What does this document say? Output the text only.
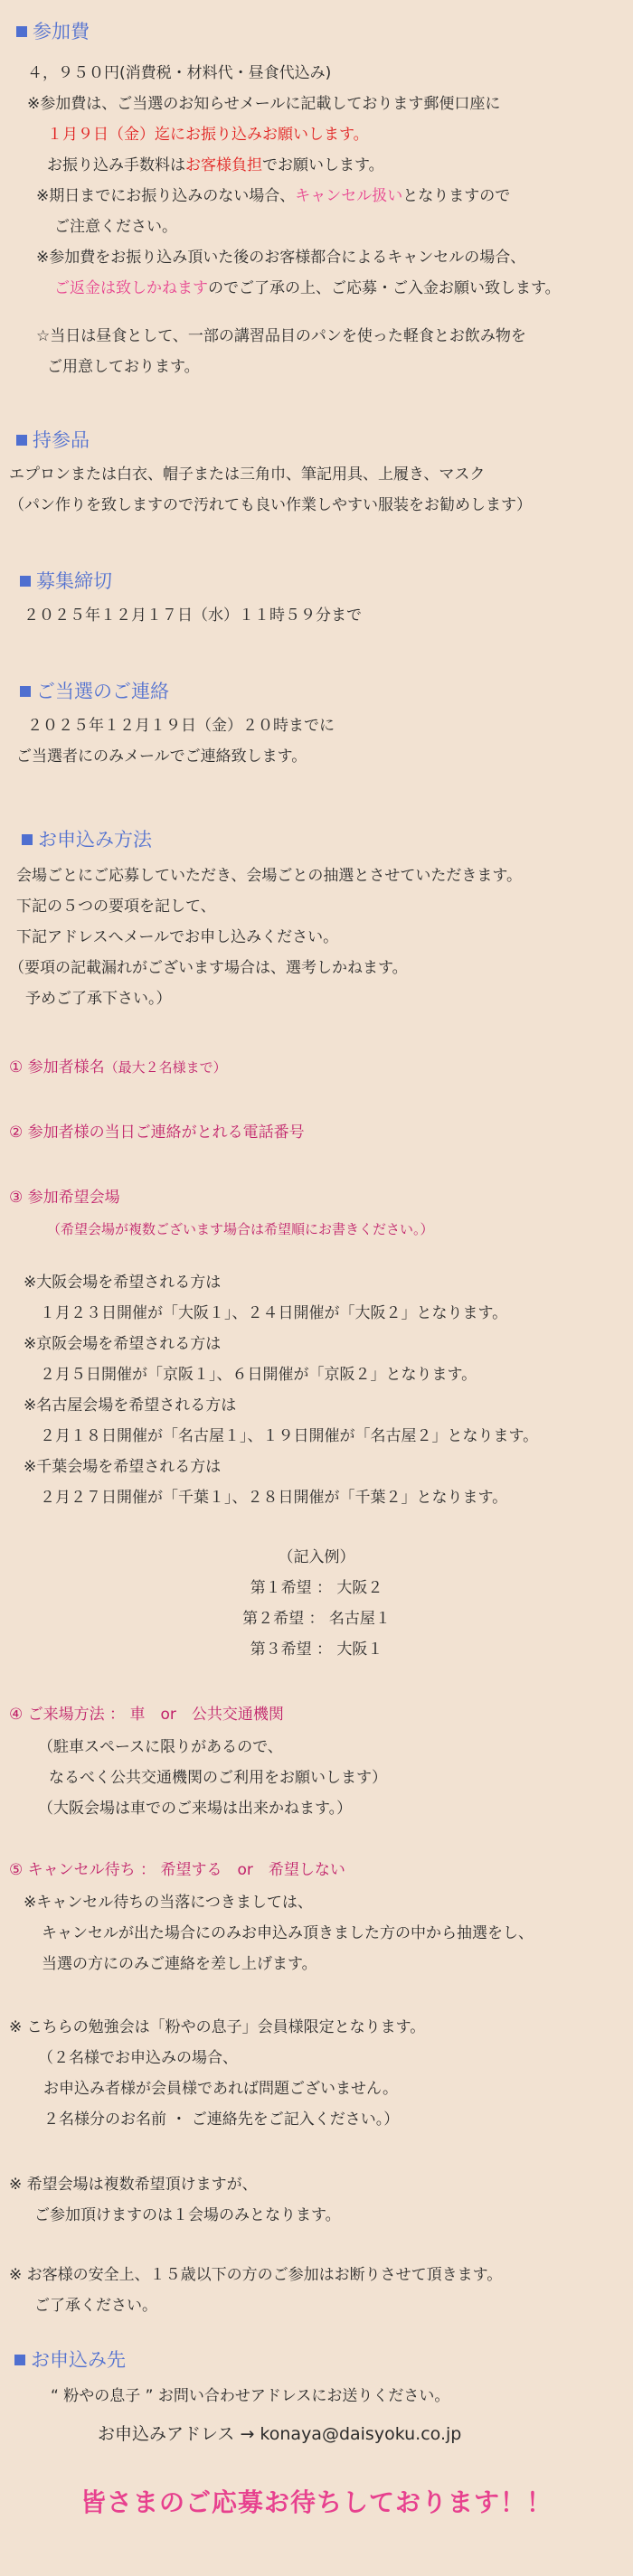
参加費
４，９５０円(消費税・材料代・昼食代込み)
※参加費は、ご当選のお知らせメールに記載しております郵便口座に
１月９日（金）迄にお振り込みお願いします。
お振り込み手数料はお客様負担でお願いします。
※期日までにお振り込みのない場合、キャンセル扱いとなりますので
ご注意ください。
※参加費をお振り込み頂いた後のお客様都合によるキャンセルの場合、
ご返金は致しかねますのでご了承の上、ご応募・ご入金お願い致します。
☆当日は昼食として、一部の講習品目のパンを使った軽食とお飲み物を
ご用意しております。
持参品
エプロンまたは白衣、帽子または三角巾、筆記用具、上履き、マスク
（パン作りを致しますので汚れても良い作業しやすい服装をお勧めします）
募集締切
２０２５年１２月１７日（水）１１時５９分まで
ご当選のご連絡
２０２５年１２月１９日（金）２０時までに
ご当選者にのみメールでご連絡致します。
お申込み方法
会場ごとにご応募していただき、会場ごとの抽選とさせていただきます。
下記の５つの要項を記して、
下記アドレスへメールでお申し込みください。
（要項の記載漏れがございます場合は、選考しかねます。
予めご了承下さい。）
① 参加者様名（最大２名様まで）
② 参加者様の当日ご連絡がとれる電話番号
③ 参加希望会場
（希望会場が複数ございます場合は希望順にお書きください。）
※大阪会場を希望される方は
１月２３日開催が「大阪１」、２４日開催が「大阪２」となります。
※京阪会場を希望される方は
２月５日開催が「京阪１」、６日開催が「京阪２」となります。
※名古屋会場を希望される方は
２月１８日開催が「名古屋１」、１９日開催が「名古屋２」となります。
※千葉会場を希望される方は
２月２７日開催が「千葉１」、２８日開催が「千葉２」となります。
（記入例）
第１希望 ： 大阪２
第２希望 ： 名古屋１
第３希望 ： 大阪１
④ ご来場方法 ： 車　or　公共交通機関
（駐車スペースに限りがあるので、
なるべく公共交通機関のご利用をお願いします）
（大阪会場は車でのご来場は出来かねます。）
⑤ キャンセル待ち ： 希望する　or　希望しない
※キャンセル待ちの当落につきましては、
キャンセルが出た場合にのみお申込み頂きました方の中から抽選をし、
当選の方にのみご連絡を差し上げます。
※ こちらの勉強会は「粉やの息子」会員様限定となります。
（２名様でお申込みの場合、
お申込み者様が会員様であれば問題ございません。
２名様分のお名前 ・ ご連絡先をご記入ください。）
※ 希望会場は複数希望頂けますが、
ご参加頂けますのは１会場のみとなります。
※ お客様の安全上、１５歳以下の方のご参加はお断りさせて頂きます。
ご了承ください。
お申込み先
“ 粉やの息子 ” お問い合わせアドレスにお送りください。
お申込みアドレス → konaya@daisyoku.co.jp
皆さまのご応募お待ちしております！！
